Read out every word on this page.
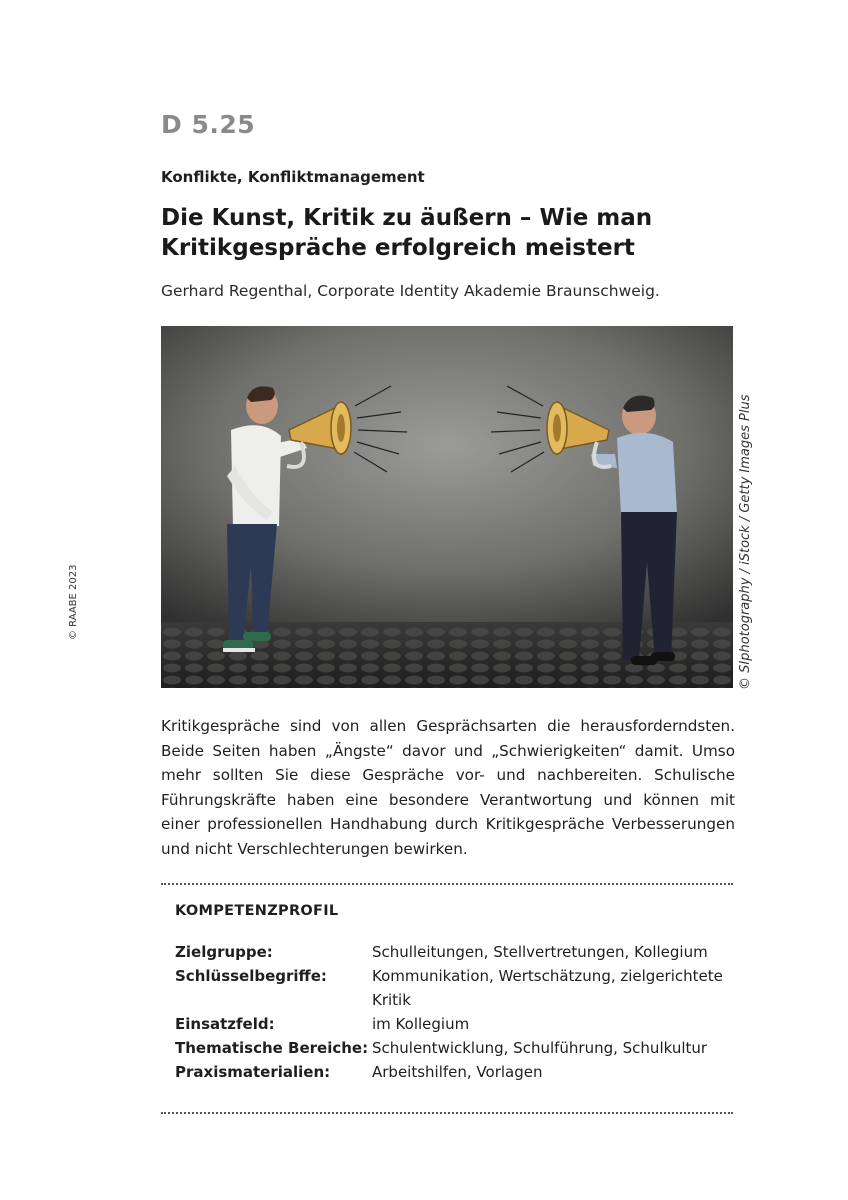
D 5.25
Konflikte, Konfliktmanagement
Die Kunst, Kritik zu äußern – Wie man Kritikgespräche erfolgreich meistert
Gerhard Regenthal, Corporate Identity Akademie Braunschweig.
© RAABE 2023	© SIphotography / iStock / Getty Images Plus

Kritikgespräche sind von allen Gesprächsarten die herausforderndsten. Beide Seiten haben „Ängste“ davor und „Schwierigkeiten“ damit. Umso mehr sollten Sie diese Gespräche vor- und nachbereiten. Schulische Führungskräfte haben eine besondere Verantwortung und können mit einer professionellen Handhabung durch Kritikgespräche Verbesserungen und nicht Verschlechterungen bewirken.

KOMPETENZPROFIL
Zielgruppe:	Schulleitungen, Stellvertretungen, Kollegium
Schlüsselbegriffe:	Kommunikation, Wertschätzung, zielgerichtete Kritik
Einsatzfeld:	im Kollegium
Thematische Bereiche: Schulentwicklung, Schulführung, Schulkultur
Praxismaterialien:	Arbeitshilfen, Vorlagen
